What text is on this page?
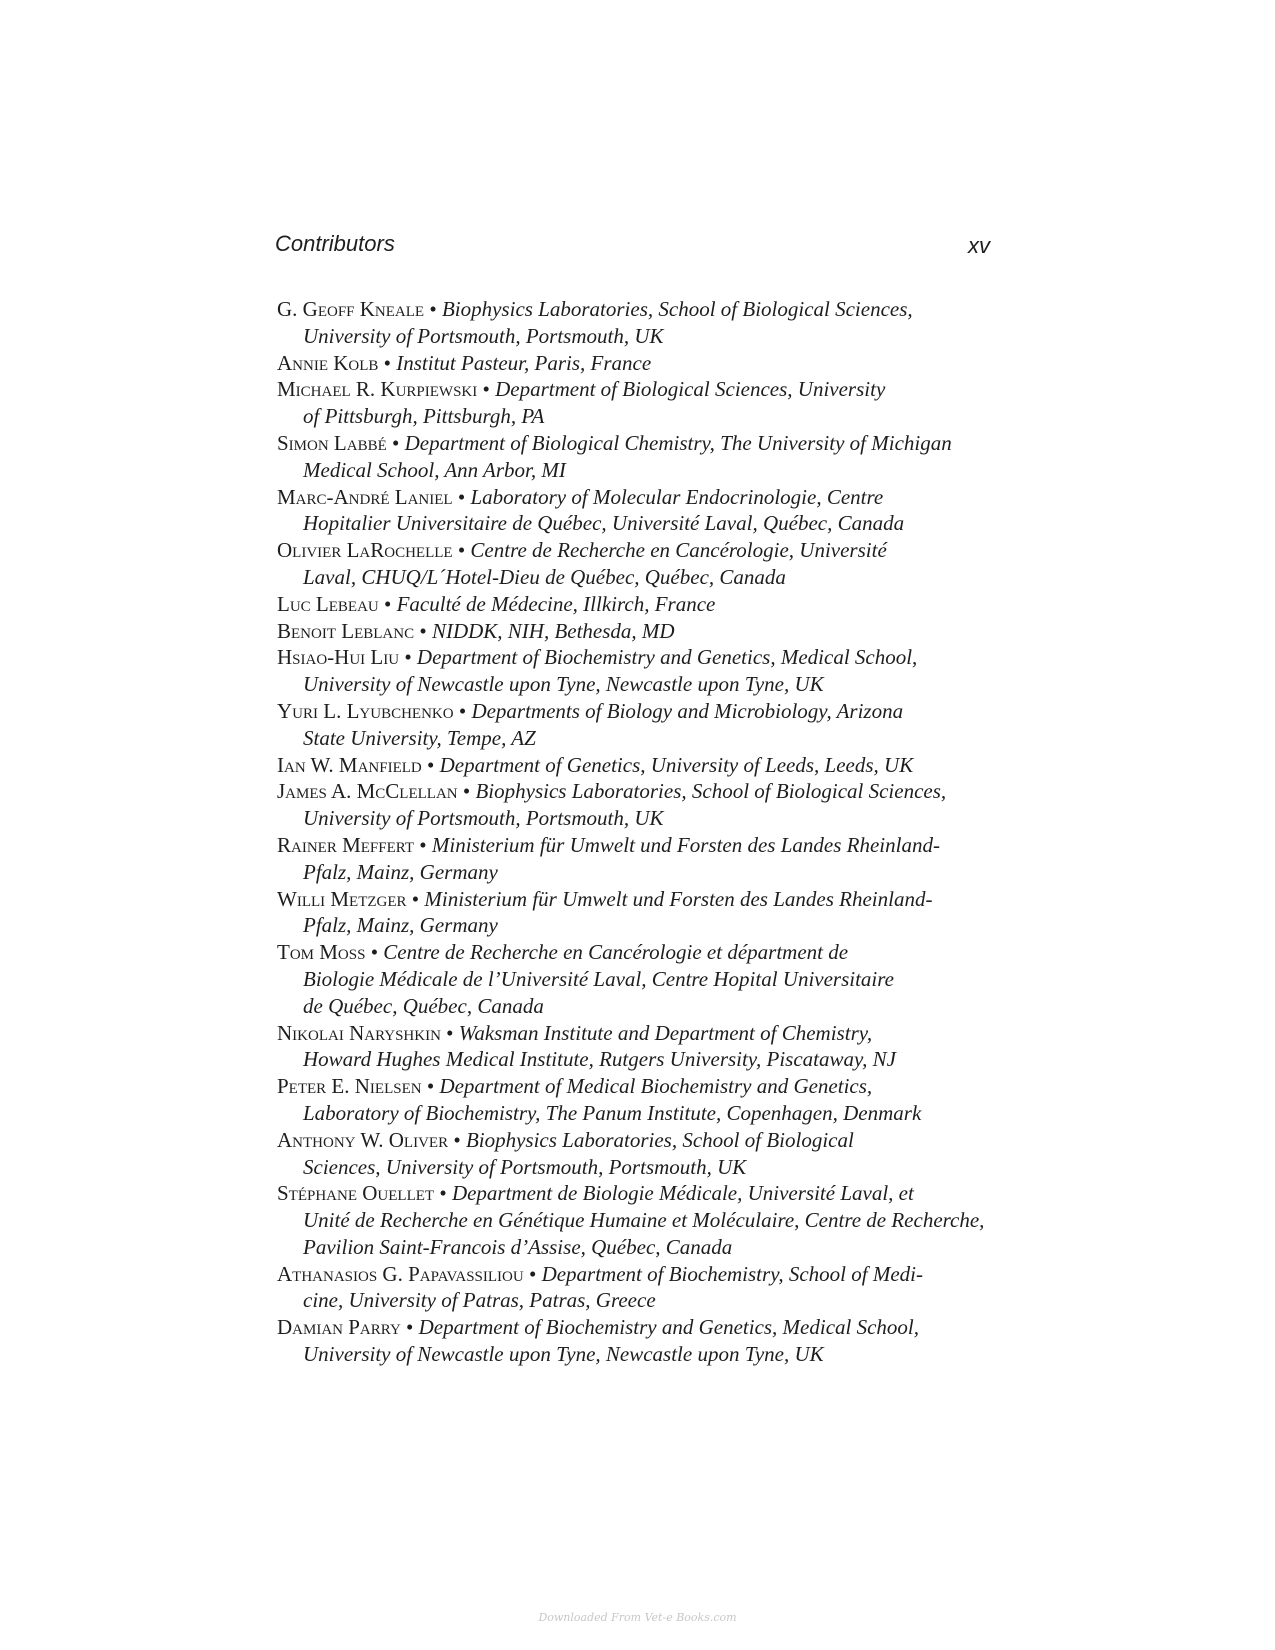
Contributors	xv
G. Geoff Kneale • Biophysics Laboratories, School of Biological Sciences,
University of Portsmouth, Portsmouth, UK
Annie Kolb • Institut Pasteur, Paris, France
Michael R. Kurpiewski • Department of Biological Sciences, University
of Pittsburgh, Pittsburgh, PA
Simon Labbé • Department of Biological Chemistry, The University of Michigan
Medical School, Ann Arbor, MI
Marc-André Laniel • Laboratory of Molecular Endocrinologie, Centre
Hopitalier Universitaire de Québec, Université Laval, Québec, Canada
Olivier LaRochelle • Centre de Recherche en Cancérologie, Université
Laval, CHUQ/L´Hotel-Dieu de Québec, Québec, Canada
Luc Lebeau • Faculté de Médecine, Illkirch, France
Benoit Leblanc • NIDDK, NIH, Bethesda, MD
Hsiao-Hui Liu • Department of Biochemistry and Genetics, Medical School,
University of Newcastle upon Tyne, Newcastle upon Tyne, UK
Yuri L. Lyubchenko • Departments of Biology and Microbiology, Arizona
State University, Tempe, AZ
Ian W. Manfield • Department of Genetics, University of Leeds, Leeds, UK
James A. McClellan • Biophysics Laboratories, School of Biological Sciences,
University of Portsmouth, Portsmouth, UK
Rainer Meffert • Ministerium für Umwelt und Forsten des Landes Rheinland-
Pfalz, Mainz, Germany
Willi Metzger • Ministerium für Umwelt und Forsten des Landes Rheinland-
Pfalz, Mainz, Germany
Tom Moss • Centre de Recherche en Cancérologie et départment de
Biologie Médicale de l’Université Laval, Centre Hopital Universitaire
de Québec, Québec, Canada
Nikolai Naryshkin • Waksman Institute and Department of Chemistry,
Howard Hughes Medical Institute, Rutgers University, Piscataway, NJ
Peter E. Nielsen • Department of Medical Biochemistry and Genetics,
Laboratory of Biochemistry, The Panum Institute, Copenhagen, Denmark
Anthony W. Oliver • Biophysics Laboratories, School of Biological
Sciences, University of Portsmouth, Portsmouth, UK
Stéphane Ouellet • Department de Biologie Médicale, Université Laval, et
Unité de Recherche en Génétique Humaine et Moléculaire, Centre de Recherche,
Pavilion Saint-Francois d’Assise, Québec, Canada
Athanasios G. Papavassiliou • Department of Biochemistry, School of Medi-
cine, University of Patras, Patras, Greece
Damian Parry • Department of Biochemistry and Genetics, Medical School,
University of Newcastle upon Tyne, Newcastle upon Tyne, UK
Downloaded From Vet-e Books.com
